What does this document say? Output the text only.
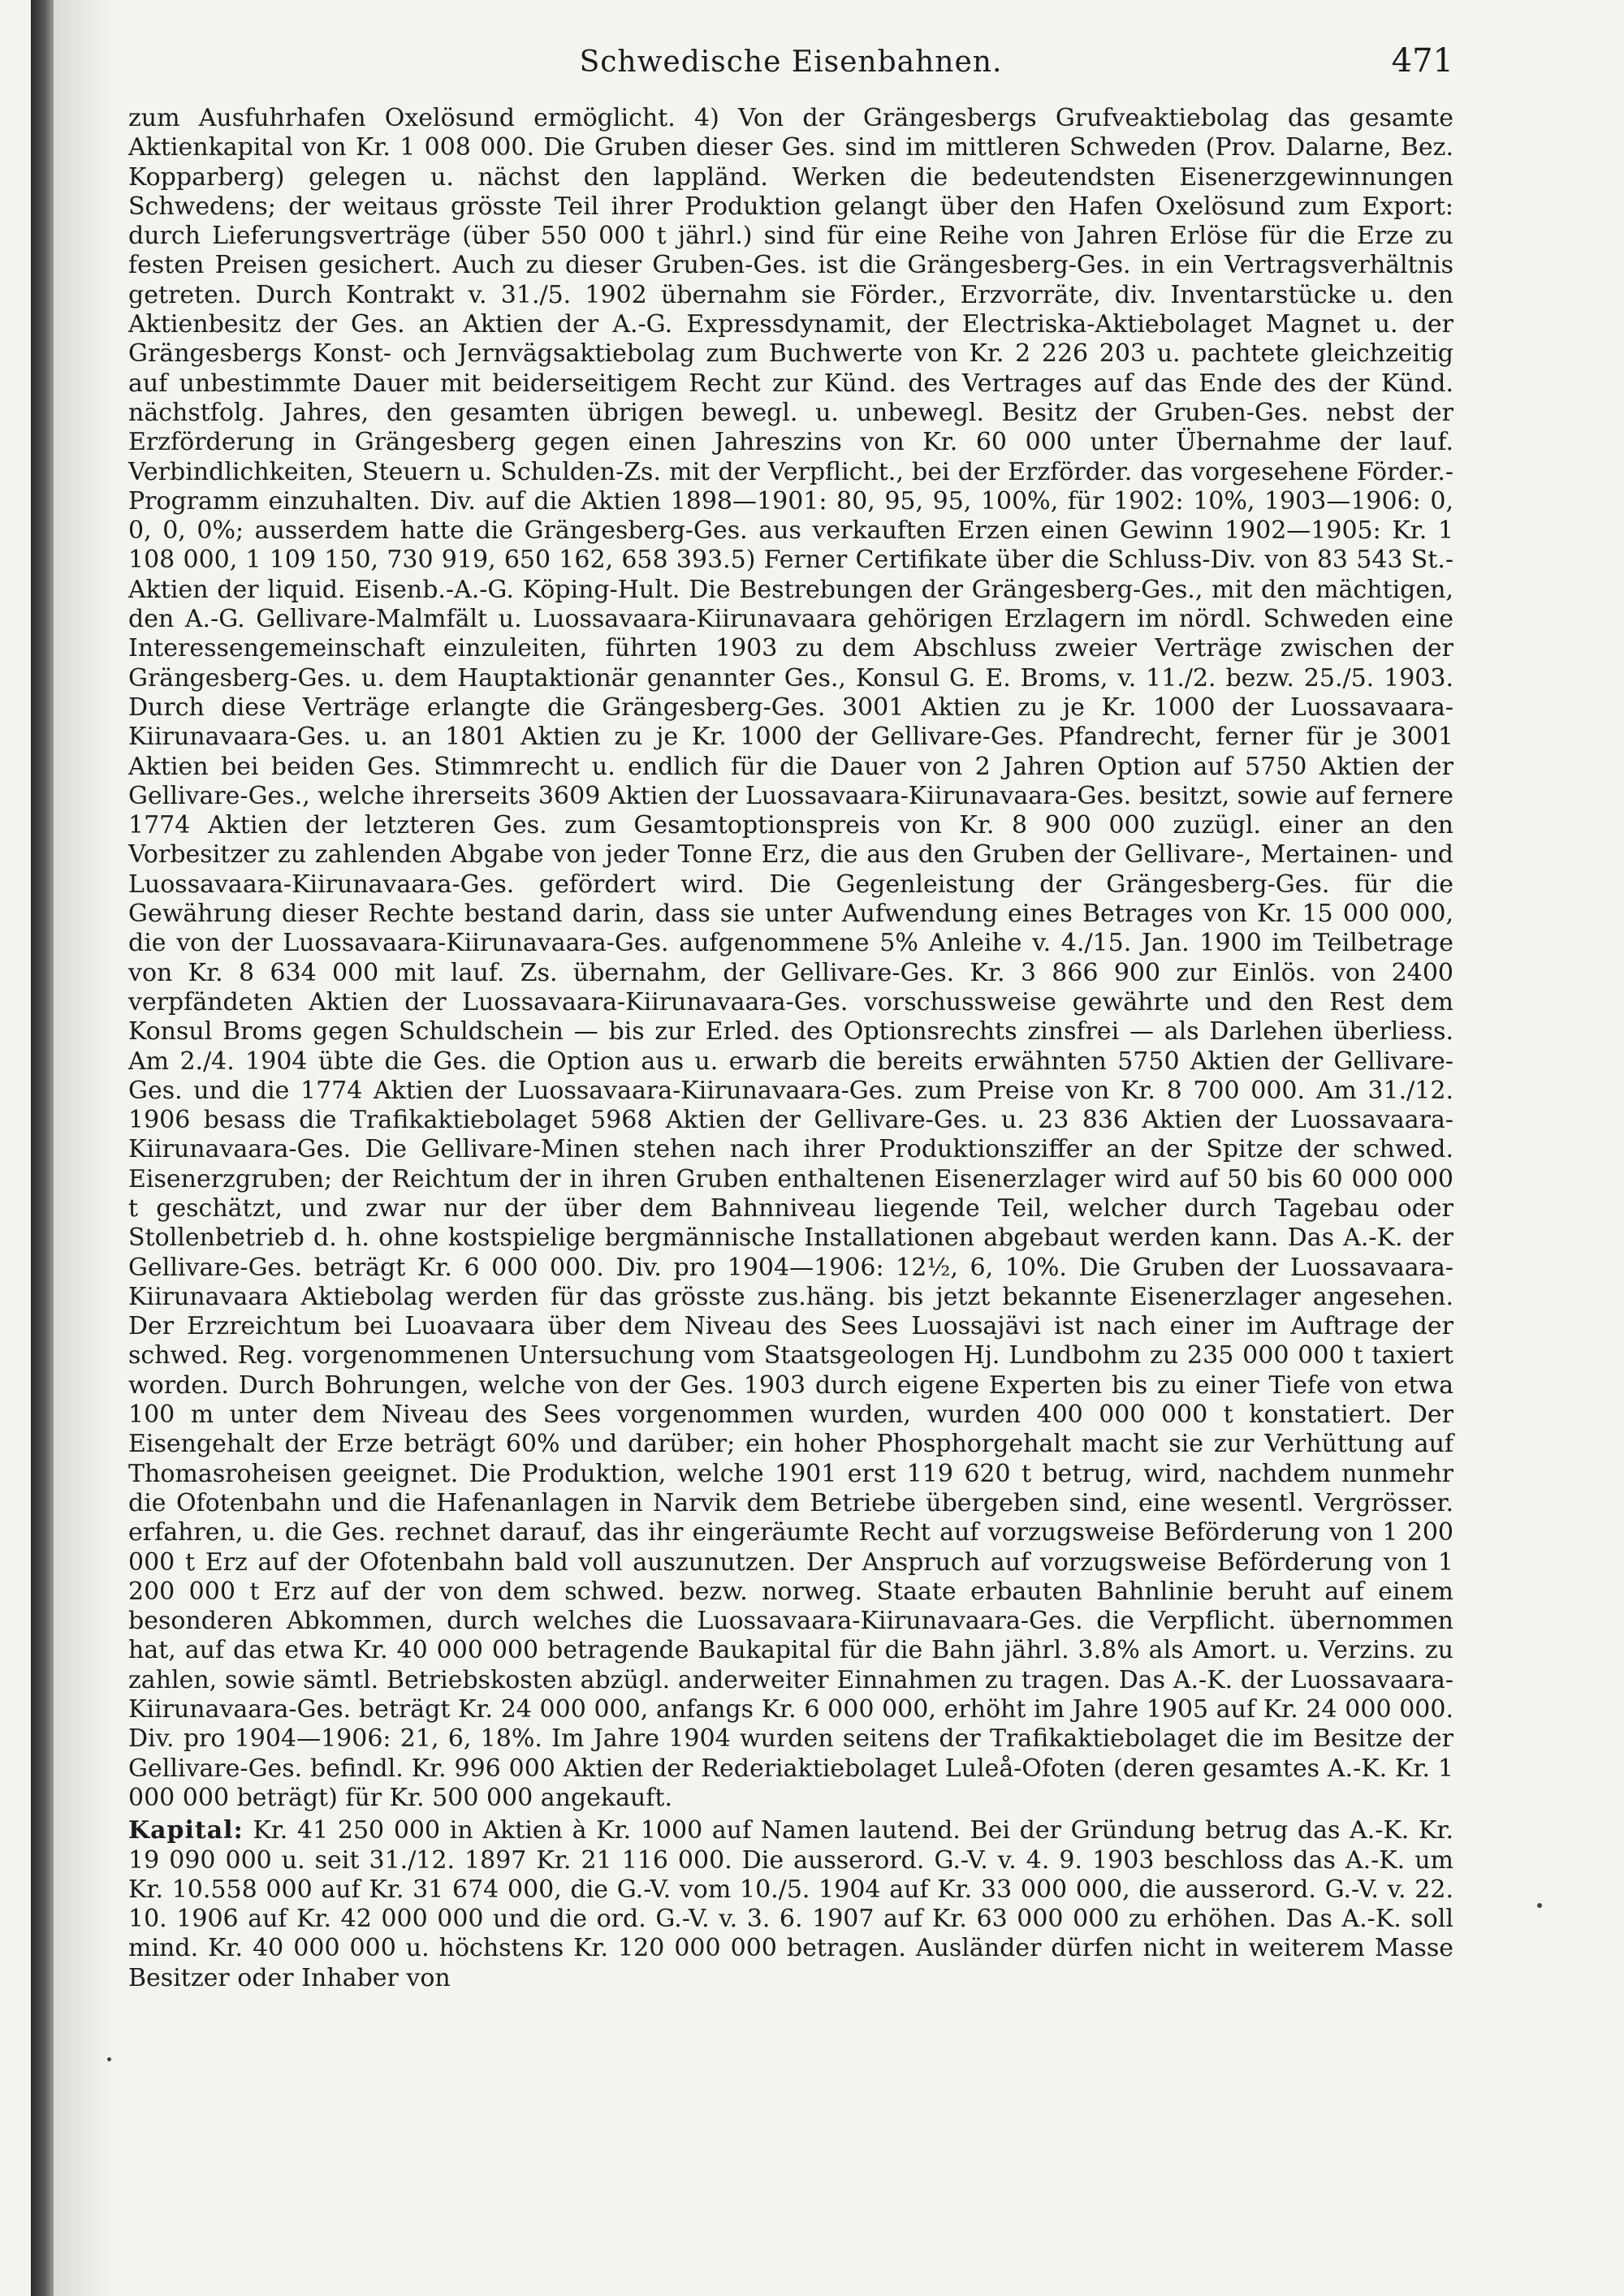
Schwedische Eisenbahnen.	471

zum Ausfuhrhafen Oxelösund ermöglicht. 4) Von der Grängesbergs Grufveaktiebolag das gesamte Aktienkapital von Kr. 1 008 000. Die Gruben dieser Ges. sind im mittleren Schweden (Prov. Dalarne, Bez. Kopparberg) gelegen u. nächst den lappländ. Werken die bedeutendsten Eisenerzgewinnungen Schwedens; der weitaus grösste Teil ihrer Produktion gelangt über den Hafen Oxelösund zum Export: durch Lieferungsverträge (über 550 000 t jährl.) sind für eine Reihe von Jahren Erlöse für die Erze zu festen Preisen gesichert. Auch zu dieser Gruben-Ges. ist die Grängesberg-Ges. in ein Vertragsverhältnis getreten. Durch Kontrakt v. 31./5. 1902 übernahm sie Förder., Erzvorräte, div. Inventarstücke u. den Aktienbesitz der Ges. an Aktien der A.-G. Expressdynamit, der Electriska-Aktiebolaget Magnet u. der Grängesbergs Konst- och Jernvägsaktiebolag zum Buchwerte von Kr. 2 226 203 u. pachtete gleichzeitig auf unbestimmte Dauer mit beiderseitigem Recht zur Künd. des Vertrages auf das Ende des der Künd. nächstfolg. Jahres, den gesamten übrigen bewegl. u. unbewegl. Besitz der Gruben-Ges. nebst der Erzförderung in Grängesberg gegen einen Jahreszins von Kr. 60 000 unter Übernahme der lauf. Verbindlichkeiten, Steuern u. Schulden-Zs. mit der Verpflicht., bei der Erzförder. das vorgesehene Förder.-Programm einzuhalten. Div. auf die Aktien 1898—1901: 80, 95, 95, 100%, für 1902: 10%, 1903—1906: 0, 0, 0, 0%; ausserdem hatte die Grängesberg-Ges. aus verkauften Erzen einen Gewinn 1902—1905: Kr. 1 108 000, 1 109 150, 730 919, 650 162, 658 393.5) Ferner Certifikate über die Schluss-Div. von 83 543 St.-Aktien der liquid. Eisenb.-A.-G. Köping-Hult. Die Bestrebungen der Grängesberg-Ges., mit den mächtigen, den A.-G. Gellivare-Malmfält u. Luossavaara-Kiirunavaara gehörigen Erzlagern im nördl. Schweden eine Interessengemeinschaft einzuleiten, führten 1903 zu dem Abschluss zweier Verträge zwischen der Grängesberg-Ges. u. dem Hauptaktionär genannter Ges., Konsul G. E. Broms, v. 11./2. bezw. 25./5. 1903. Durch diese Verträge erlangte die Grängesberg-Ges. 3001 Aktien zu je Kr. 1000 der Luossavaara-Kiirunavaara-Ges. u. an 1801 Aktien zu je Kr. 1000 der Gellivare-Ges. Pfandrecht, ferner für je 3001 Aktien bei beiden Ges. Stimmrecht u. endlich für die Dauer von 2 Jahren Option auf 5750 Aktien der Gellivare-Ges., welche ihrerseits 3609 Aktien der Luossavaara-Kiirunavaara-Ges. besitzt, sowie auf fernere 1774 Aktien der letzteren Ges. zum Gesamtoptionspreis von Kr. 8 900 000 zuzügl. einer an den Vorbesitzer zu zahlenden Abgabe von jeder Tonne Erz, die aus den Gruben der Gellivare-, Mertainen- und Luossavaara-Kiirunavaara-Ges. gefördert wird. Die Gegenleistung der Grängesberg-Ges. für die Gewährung dieser Rechte bestand darin, dass sie unter Aufwendung eines Betrages von Kr. 15 000 000, die von der Luossavaara-Kiirunavaara-Ges. aufgenommene 5% Anleihe v. 4./15. Jan. 1900 im Teilbetrage von Kr. 8 634 000 mit lauf. Zs. übernahm, der Gellivare-Ges. Kr. 3 866 900 zur Einlös. von 2400 verpfändeten Aktien der Luossavaara-Kiirunavaara-Ges. vorschussweise gewährte und den Rest dem Konsul Broms gegen Schuldschein — bis zur Erled. des Optionsrechts zinsfrei — als Darlehen überliess. Am 2./4. 1904 übte die Ges. die Option aus u. erwarb die bereits erwähnten 5750 Aktien der Gellivare-Ges. und die 1774 Aktien der Luossavaara-Kiirunavaara-Ges. zum Preise von Kr. 8 700 000. Am 31./12. 1906 besass die Trafikaktiebolaget 5968 Aktien der Gellivare-Ges. u. 23 836 Aktien der Luossavaara-Kiirunavaara-Ges. Die Gellivare-Minen stehen nach ihrer Produktionsziffer an der Spitze der schwed. Eisenerzgruben; der Reichtum der in ihren Gruben enthaltenen Eisenerzlager wird auf 50 bis 60 000 000 t geschätzt, und zwar nur der über dem Bahnniveau liegende Teil, welcher durch Tagebau oder Stollenbetrieb d. h. ohne kostspielige bergmännische Installationen abgebaut werden kann. Das A.-K. der Gellivare-Ges. beträgt Kr. 6 000 000. Div. pro 1904—1906: 12½, 6, 10%. Die Gruben der Luossavaara-Kiirunavaara Aktiebolag werden für das grösste zus.häng. bis jetzt bekannte Eisenerzlager angesehen. Der Erzreichtum bei Luoavaara über dem Niveau des Sees Luossajävi ist nach einer im Auftrage der schwed. Reg. vorgenommenen Untersuchung vom Staatsgeologen Hj. Lundbohm zu 235 000 000 t taxiert worden. Durch Bohrungen, welche von der Ges. 1903 durch eigene Experten bis zu einer Tiefe von etwa 100 m unter dem Niveau des Sees vorgenommen wurden, wurden 400 000 000 t konstatiert. Der Eisengehalt der Erze beträgt 60% und darüber; ein hoher Phosphorgehalt macht sie zur Verhüttung auf Thomasroheisen geeignet. Die Produktion, welche 1901 erst 119 620 t betrug, wird, nachdem nunmehr die Ofotenbahn und die Hafenanlagen in Narvik dem Betriebe übergeben sind, eine wesentl. Vergrösser. erfahren, u. die Ges. rechnet darauf, das ihr eingeräumte Recht auf vorzugsweise Beförderung von 1 200 000 t Erz auf der Ofotenbahn bald voll auszunutzen. Der Anspruch auf vorzugsweise Beförderung von 1 200 000 t Erz auf der von dem schwed. bezw. norweg. Staate erbauten Bahnlinie beruht auf einem besonderen Abkommen, durch welches die Luossavaara-Kiirunavaara-Ges. die Verpflicht. übernommen hat, auf das etwa Kr. 40 000 000 betragende Baukapital für die Bahn jährl. 3.8% als Amort. u. Verzins. zu zahlen, sowie sämtl. Betriebskosten abzügl. anderweiter Einnahmen zu tragen. Das A.-K. der Luossavaara-Kiirunavaara-Ges. beträgt Kr. 24 000 000, anfangs Kr. 6 000 000, erhöht im Jahre 1905 auf Kr. 24 000 000. Div. pro 1904—1906: 21, 6, 18%. Im Jahre 1904 wurden seitens der Trafikaktiebolaget die im Besitze der Gellivare-Ges. befindl. Kr. 996 000 Aktien der Rederiaktiebolaget Luleå-Ofoten (deren gesamtes A.-K. Kr. 1 000 000 beträgt) für Kr. 500 000 angekauft.

Kapital: Kr. 41 250 000 in Aktien à Kr. 1000 auf Namen lautend. Bei der Gründung betrug das A.-K. Kr. 19 090 000 u. seit 31./12. 1897 Kr. 21 116 000. Die ausserord. G.-V. v. 4. 9. 1903 beschloss das A.-K. um Kr. 10.558 000 auf Kr. 31 674 000, die G.-V. vom 10./5. 1904 auf Kr. 33 000 000, die ausserord. G.-V. v. 22. 10. 1906 auf Kr. 42 000 000 und die ord. G.-V. v. 3. 6. 1907 auf Kr. 63 000 000 zu erhöhen. Das A.-K. soll mind. Kr. 40 000 000 u. höchstens Kr. 120 000 000 betragen. Ausländer dürfen nicht in weiterem Masse Besitzer oder Inhaber von
